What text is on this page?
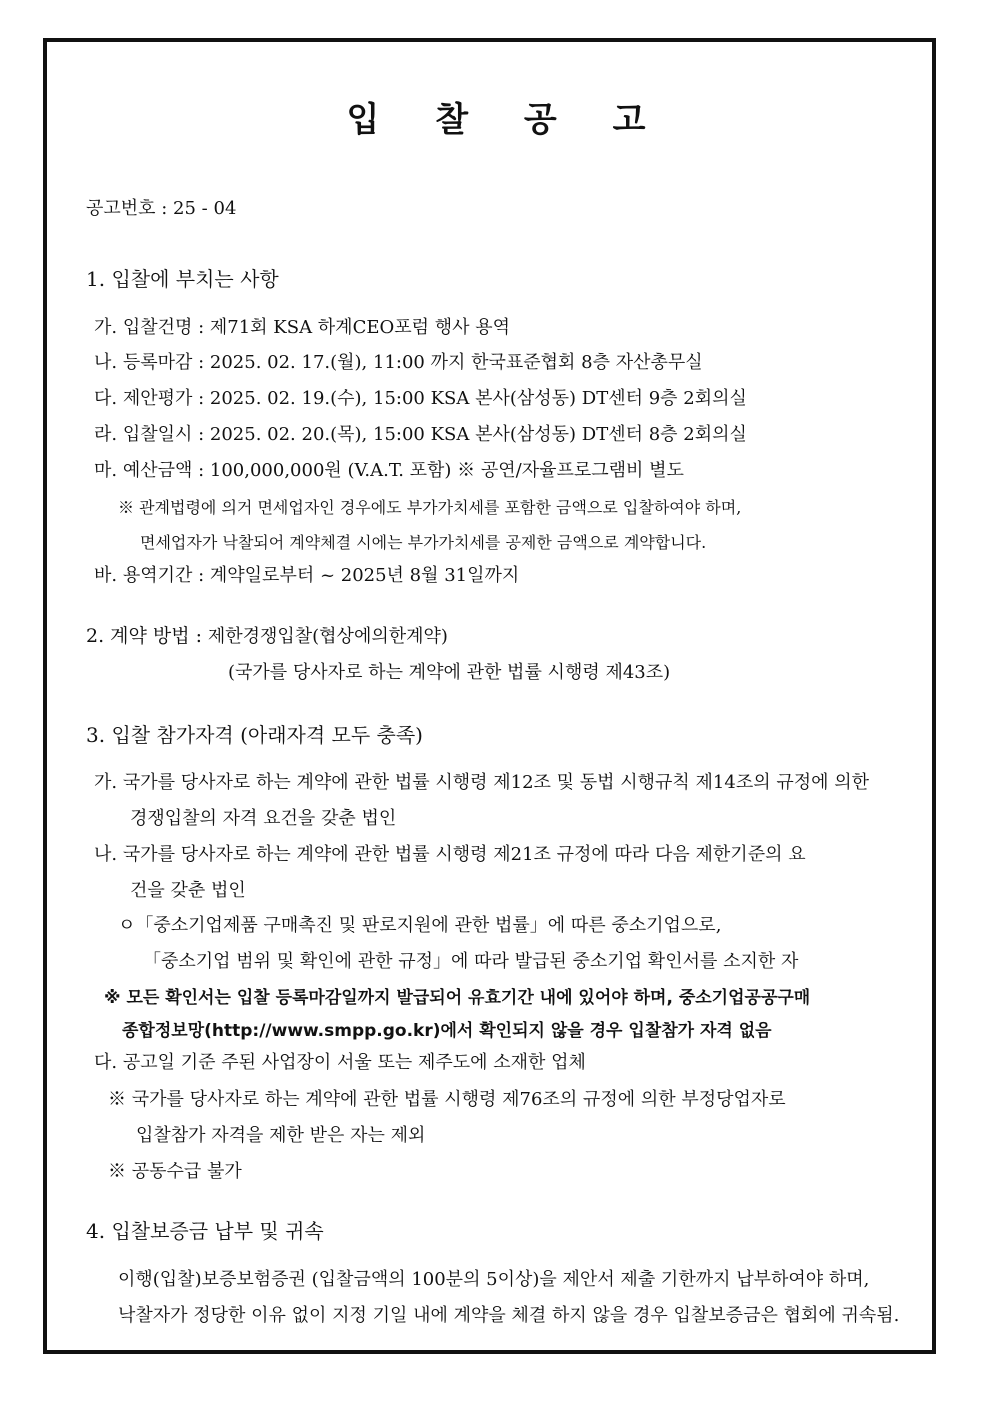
입 찰 공 고
공고번호 : 25 - 04
1. 입찰에 부치는 사항
가. 입찰건명 : 제71회 KSA 하계CEO포럼 행사 용역
나. 등록마감 : 2025. 02. 17.(월), 11:00 까지 한국표준협회 8층 자산총무실
다. 제안평가 : 2025. 02. 19.(수), 15:00 KSA 본사(삼성동) DT센터 9층 2회의실
라. 입찰일시 : 2025. 02. 20.(목), 15:00 KSA 본사(삼성동) DT센터 8층 2회의실
마. 예산금액 : 100,000,000원 (V.A.T. 포함) ※ 공연/자율프로그램비 별도
※ 관계법령에 의거 면세업자인 경우에도 부가가치세를 포함한 금액으로 입찰하여야 하며,
면세업자가 낙찰되어 계약체결 시에는 부가가치세를 공제한 금액으로 계약합니다.
바. 용역기간 : 계약일로부터 ~ 2025년 8월 31일까지
2. 계약 방법 : 제한경쟁입찰(협상에의한계약)
(국가를 당사자로 하는 계약에 관한 법률 시행령 제43조)
3. 입찰 참가자격 (아래자격 모두 충족)
가. 국가를 당사자로 하는 계약에 관한 법률 시행령 제12조 및 동법 시행규칙 제14조의 규정에 의한
경쟁입찰의 자격 요건을 갖춘 법인
나. 국가를 당사자로 하는 계약에 관한 법률 시행령 제21조 규정에 따라 다음 제한기준의 요
건을 갖춘 법인
ㅇ「중소기업제품 구매촉진 및 판로지원에 관한 법률」에 따른 중소기업으로,
「중소기업 범위 및 확인에 관한 규정」에 따라 발급된 중소기업 확인서를 소지한 자
※ 모든 확인서는 입찰 등록마감일까지 발급되어 유효기간 내에 있어야 하며, 중소기업공공구매
종합정보망(http://www.smpp.go.kr)에서 확인되지 않을 경우 입찰참가 자격 없음
다. 공고일 기준 주된 사업장이 서울 또는 제주도에 소재한 업체
※ 국가를 당사자로 하는 계약에 관한 법률 시행령 제76조의 규정에 의한 부정당업자로
입찰참가 자격을 제한 받은 자는 제외
※ 공동수급 불가
4. 입찰보증금 납부 및 귀속
이행(입찰)보증보험증권 (입찰금액의 100분의 5이상)을 제안서 제출 기한까지 납부하여야 하며,
낙찰자가 정당한 이유 없이 지정 기일 내에 계약을 체결 하지 않을 경우 입찰보증금은 협회에 귀속됨.
